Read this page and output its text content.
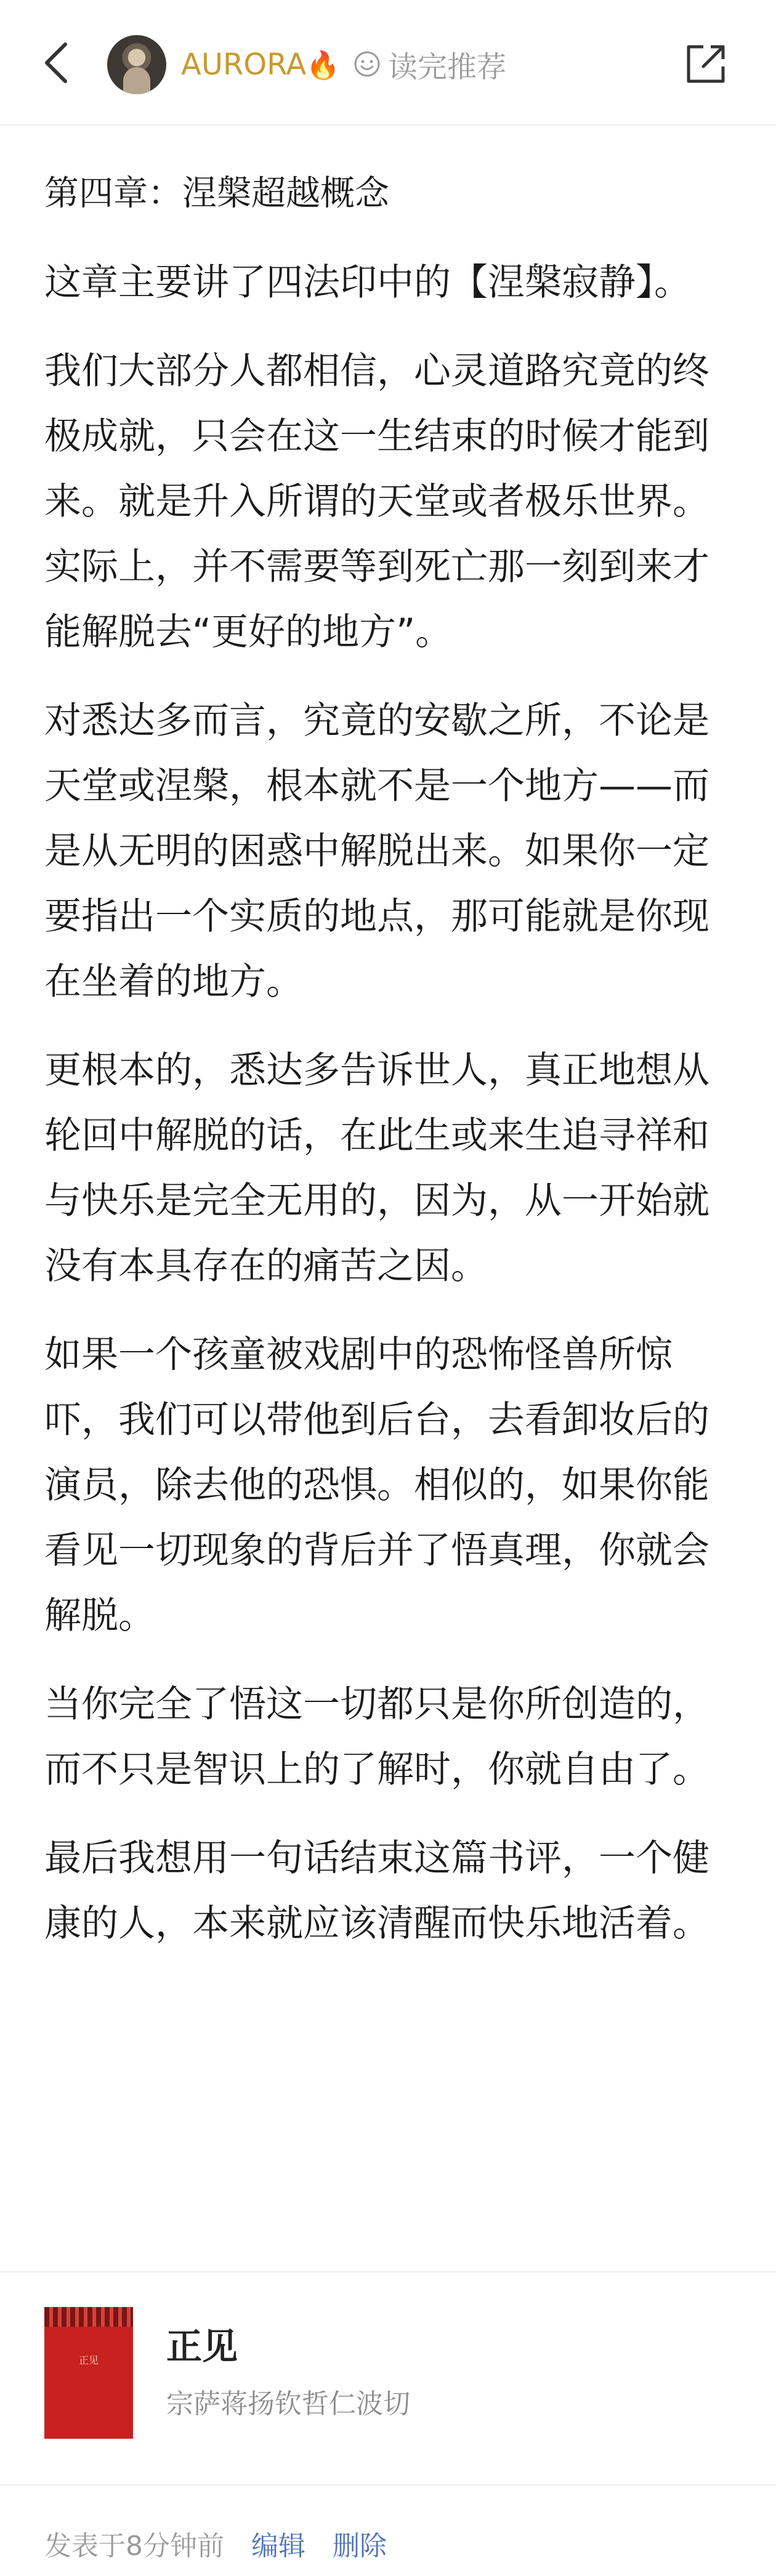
AURORA🔥 读完推荐
第四章：涅槃超越概念
这章主要讲了四法印中的【涅槃寂静】。
我们大部分人都相信，心灵道路究竟的终极成就，只会在这一生结束的时候才能到来。就是升入所谓的天堂或者极乐世界。实际上，并不需要等到死亡那一刻到来才能解脱去“更好的地方”。
对悉达多而言，究竟的安歇之所，不论是天堂或涅槃，根本就不是一个地方——而是从无明的困惑中解脱出来。如果你一定要指出一个实质的地点，那可能就是你现在坐着的地方。
更根本的，悉达多告诉世人，真正地想从轮回中解脱的话，在此生或来生追寻祥和与快乐是完全无用的，因为，从一开始就没有本具存在的痛苦之因。
如果一个孩童被戏剧中的恐怖怪兽所惊吓，我们可以带他到后台，去看卸妆后的演员，除去他的恐惧。相似的，如果你能看见一切现象的背后并了悟真理，你就会解脱。
当你完全了悟这一切都只是你所创造的，而不只是智识上的了解时，你就自由了。
最后我想用一句话结束这篇书评，一个健康的人，本来就应该清醒而快乐地活着。
正见 正见
宗萨蒋扬钦哲仁波切
发表于8分钟前 编辑 删除
